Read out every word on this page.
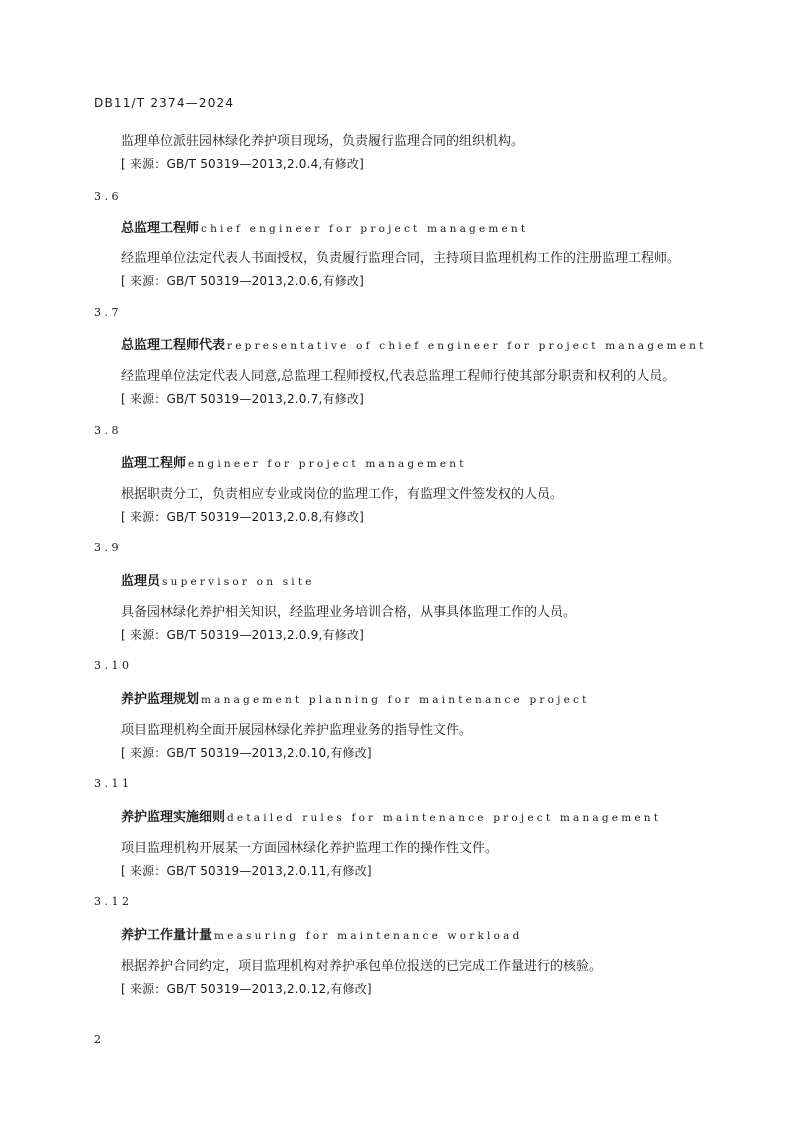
DB11/T 2374—2024
监理单位派驻园林绿化养护项目现场，负责履行监理合同的组织机构。
[ 来源：GB/T 50319—2013,2.0.4,有修改]
3.6
总监理工程师 chief engineer for project management
经监理单位法定代表人书面授权，负责履行监理合同，主持项目监理机构工作的注册监理工程师。
[ 来源：GB/T 50319—2013,2.0.6,有修改]
3.7
总监理工程师代表 representative of chief engineer for project management
经监理单位法定代表人同意,总监理工程师授权,代表总监理工程师行使其部分职责和权利的人员。
[ 来源：GB/T 50319—2013,2.0.7,有修改]
3.8
监理工程师 engineer for project management
根据职责分工，负责相应专业或岗位的监理工作，有监理文件签发权的人员。
[ 来源：GB/T 50319—2013,2.0.8,有修改]
3.9
监理员 supervisor on site
具备园林绿化养护相关知识，经监理业务培训合格，从事具体监理工作的人员。
[ 来源：GB/T 50319—2013,2.0.9,有修改]
3.10
养护监理规划 management planning for maintenance project
项目监理机构全面开展园林绿化养护监理业务的指导性文件。
[ 来源：GB/T 50319—2013,2.0.10,有修改]
3.11
养护监理实施细则 detailed rules for maintenance project management
项目监理机构开展某一方面园林绿化养护监理工作的操作性文件。
[ 来源：GB/T 50319—2013,2.0.11,有修改]
3.12
养护工作量计量 measuring for maintenance workload
根据养护合同约定，项目监理机构对养护承包单位报送的已完成工作量进行的核验。
[ 来源：GB/T 50319—2013,2.0.12,有修改]
2
